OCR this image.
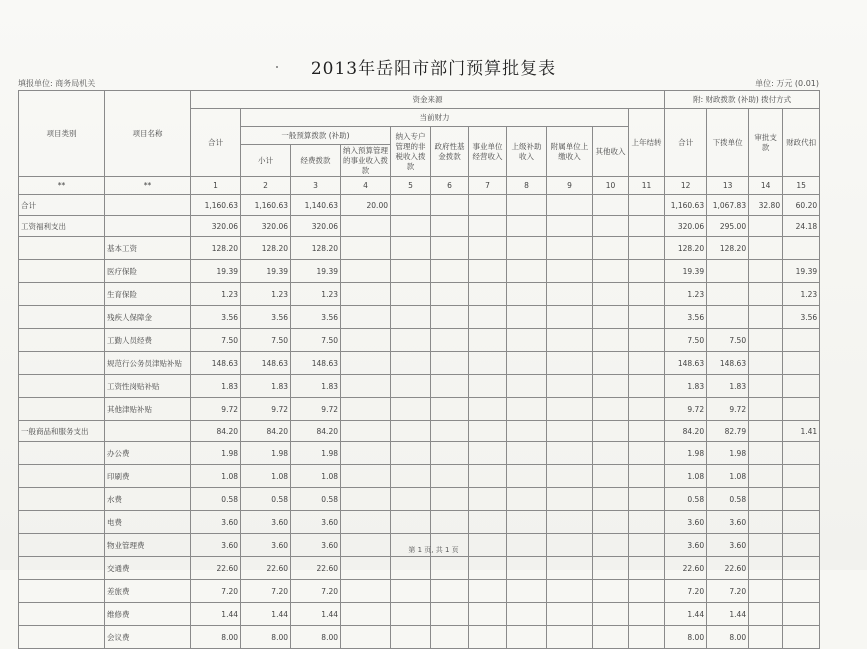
2013年岳阳市部门预算批复表
填报单位: 商务局机关	单位: 万元 (0.01)
项目类别	项目名称	资金来源											附: 财政拨款 (补助) 拨付方式			
		合计	当前财力									上年结转	合计	下拨单位	审批支款	财政代扣
			一般预算拨款 (补助)			纳入专户管理的非税收入拨款	政府性基金拨款	事业单位经营收入	上级补助收入	附属单位上缴收入	其他收入					
			小计	经费拨款	纳入预算管理的事业收入拨款											
**	**	1	2	3	4	5	6	7	8	9	10	11	12	13	14	15
合计		1,160.63	1,160.63	1,140.63	20.00								1,160.63	1,067.83	32.80	60.20
工资福利支出		320.06	320.06	320.06									320.06	295.00		24.18
	基本工资	128.20	128.20	128.20									128.20	128.20		
	医疗保险	19.39	19.39	19.39									19.39			19.39
	生育保险	1.23	1.23	1.23									1.23			1.23
	残疾人保障金	3.56	3.56	3.56									3.56			3.56
	工勤人员经费	7.50	7.50	7.50									7.50	7.50		
	规范行公务员津贴补贴	148.63	148.63	148.63									148.63	148.63		
	工资性岗贴补贴	1.83	1.83	1.83									1.83	1.83		
	其他津贴补贴	9.72	9.72	9.72									9.72	9.72		
一般商品和服务支出		84.20	84.20	84.20									84.20	82.79		1.41
	办公费	1.98	1.98	1.98									1.98	1.98		
	印刷费	1.08	1.08	1.08									1.08	1.08		
	水费	0.58	0.58	0.58									0.58	0.58		
	电费	3.60	3.60	3.60									3.60	3.60		
	物业管理费	3.60	3.60	3.60									3.60	3.60		
	交通费	22.60	22.60	22.60									22.60	22.60		
	差旅费	7.20	7.20	7.20									7.20	7.20		
	维修费	1.44	1.44	1.44									1.44	1.44		
	会议费	8.00	8.00	8.00									8.00	8.00		
第 1 页, 共 1 页
